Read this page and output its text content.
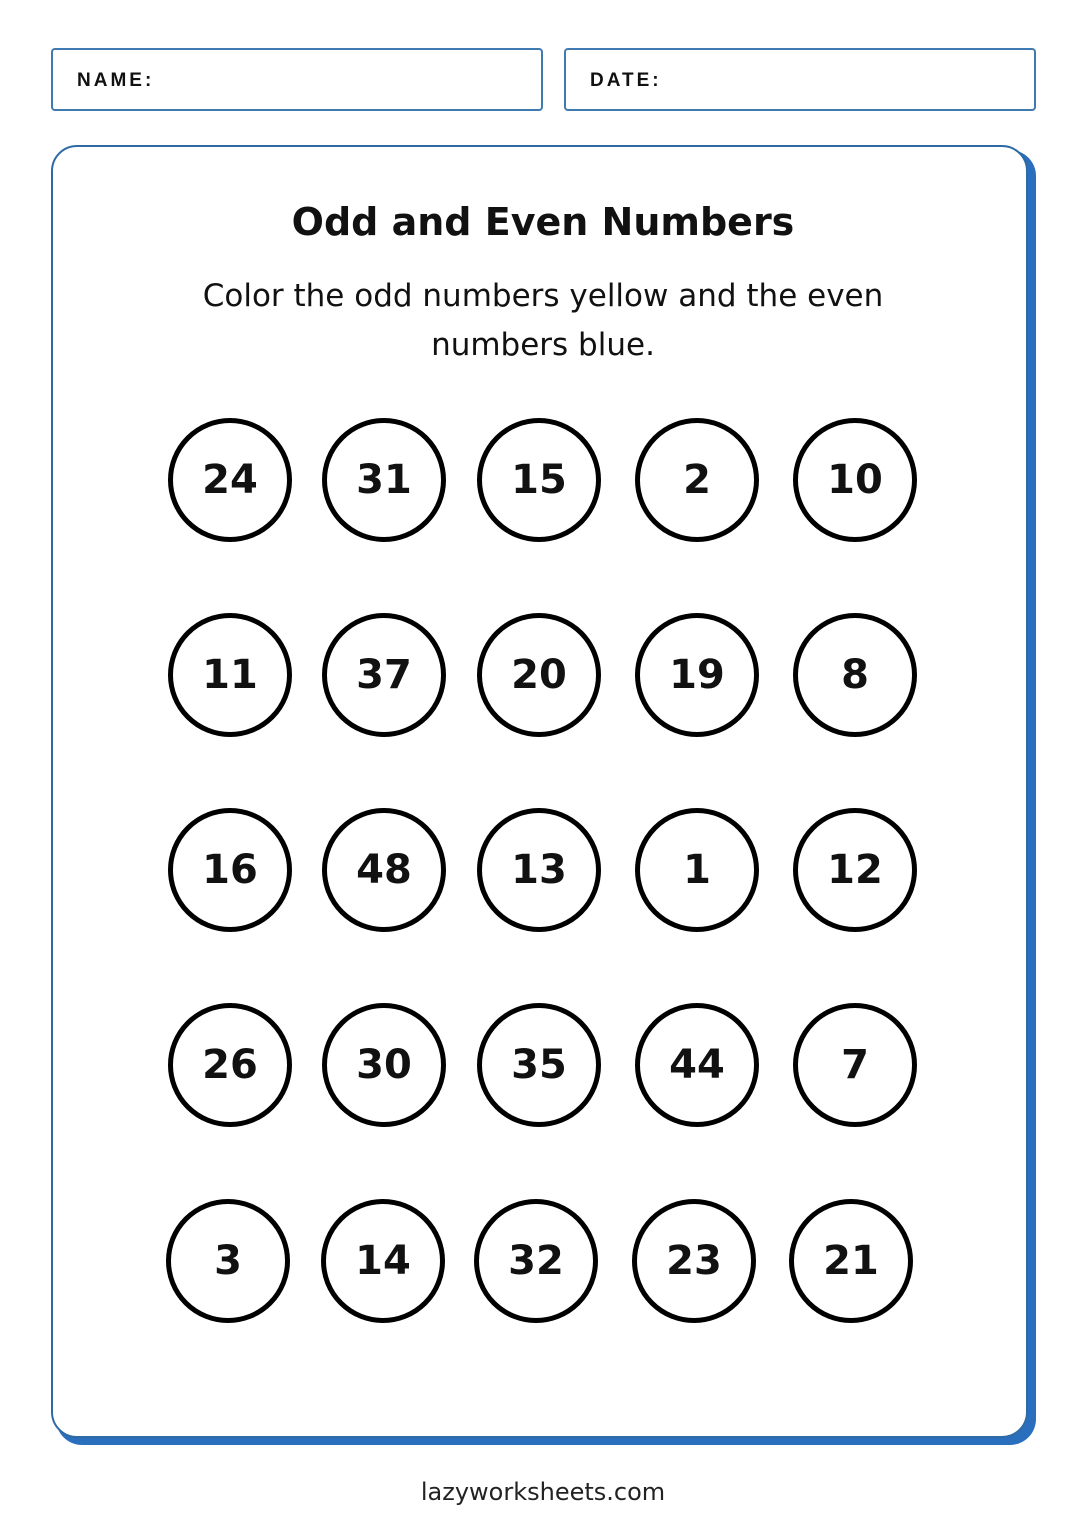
NAME:	DATE:
Odd and Even Numbers
Color the odd numbers yellow and the even numbers blue.
24	31	15	2	10
11	37	20	19	8
16	48	13	1	12
26	30	35	44	7
3	14	32	23	21
lazyworksheets.com
